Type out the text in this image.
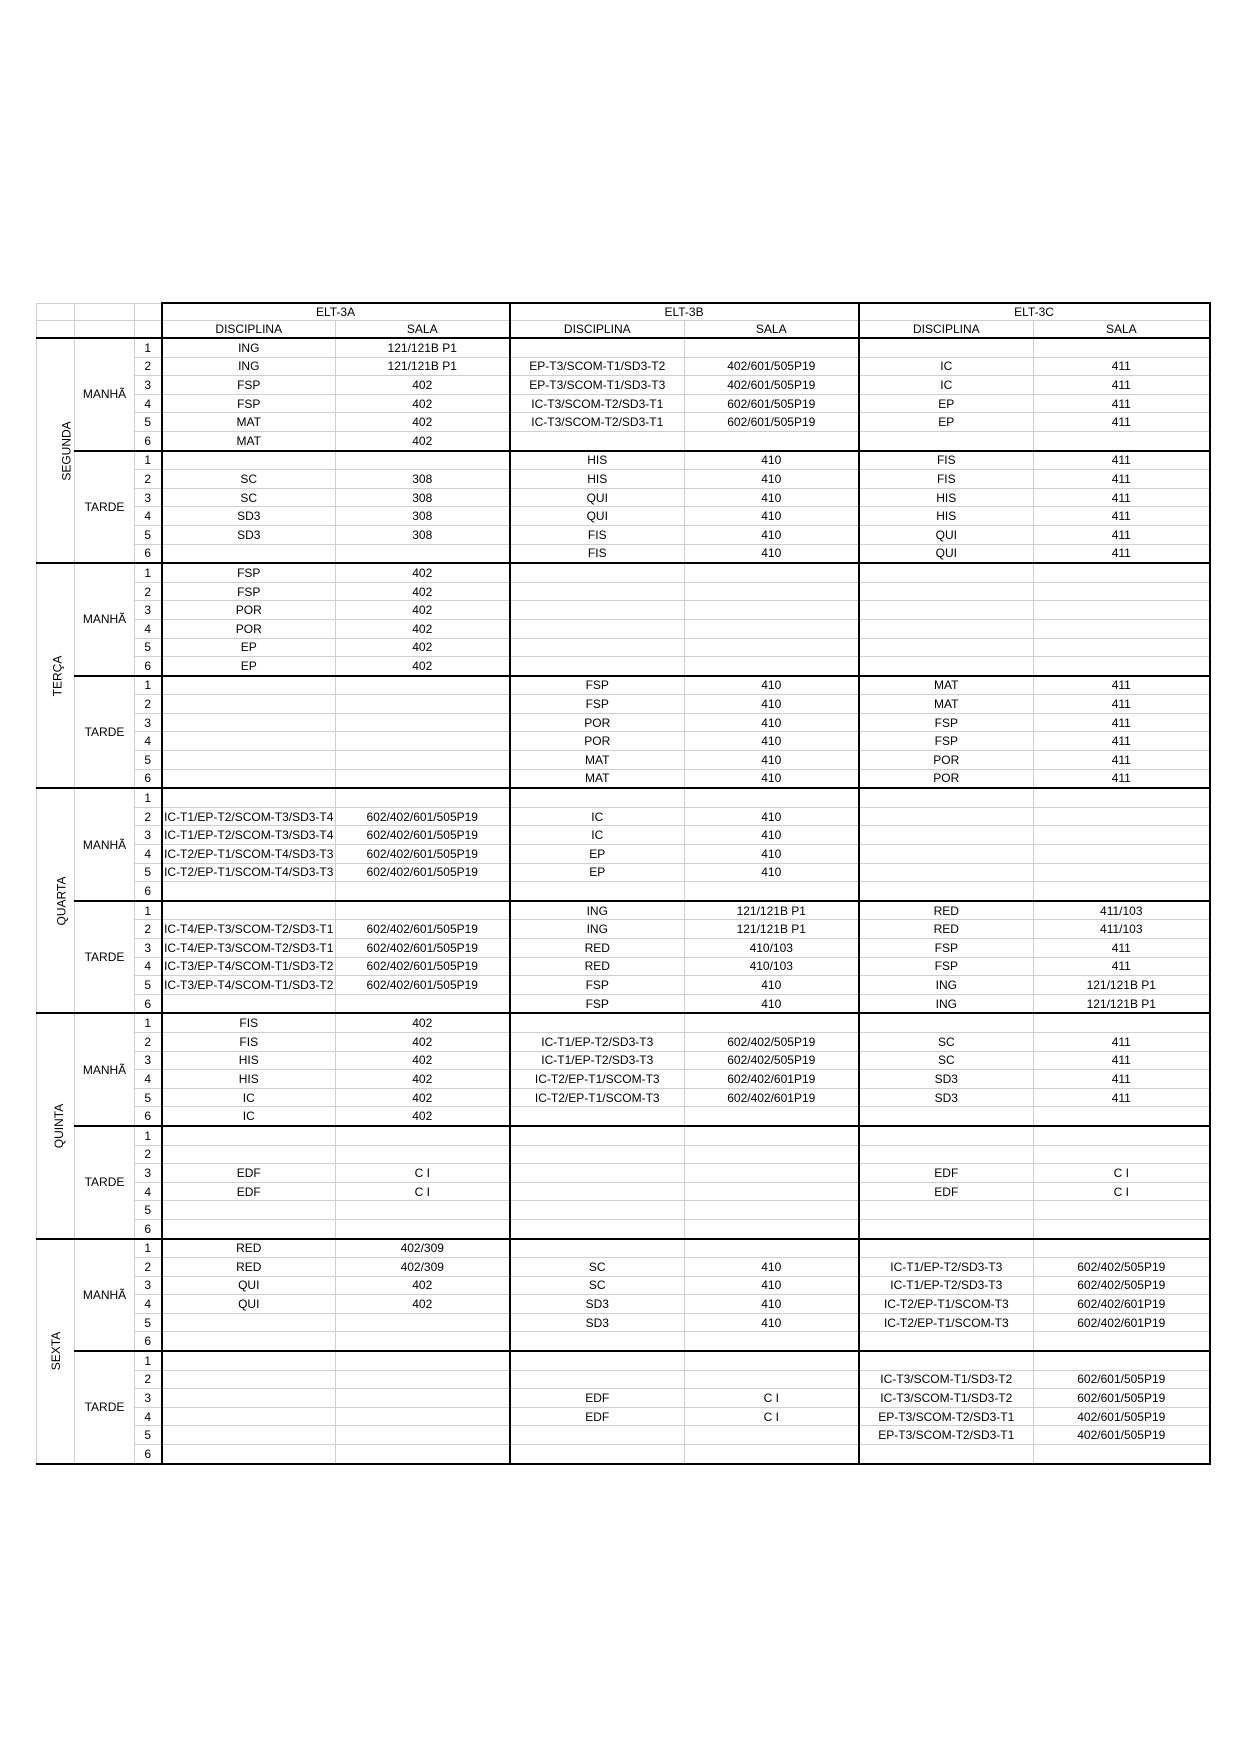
			ELT-3A		ELT-3B		ELT-3C	
			DISCIPLINA	SALA	DISCIPLINA	SALA	DISCIPLINA	SALA
SEGUNDA	MANHÃ	1	ING	121/121B P1				
		2	ING	121/121B P1	EP-T3/SCOM-T1/SD3-T2	402/601/505P19	IC	411
		3	FSP	402	EP-T3/SCOM-T1/SD3-T3	402/601/505P19	IC	411
		4	FSP	402	IC-T3/SCOM-T2/SD3-T1	602/601/505P19	EP	411
		5	MAT	402	IC-T3/SCOM-T2/SD3-T1	602/601/505P19	EP	411
		6	MAT	402				
	TARDE	1			HIS	410	FIS	411
		2	SC	308	HIS	410	FIS	411
		3	SC	308	QUI	410	HIS	411
		4	SD3	308	QUI	410	HIS	411
		5	SD3	308	FIS	410	QUI	411
		6			FIS	410	QUI	411
TERÇA	MANHÃ	1	FSP	402				
		2	FSP	402				
		3	POR	402				
		4	POR	402				
		5	EP	402				
		6	EP	402				
	TARDE	1			FSP	410	MAT	411
		2			FSP	410	MAT	411
		3			POR	410	FSP	411
		4			POR	410	FSP	411
		5			MAT	410	POR	411
		6			MAT	410	POR	411
QUARTA	MANHÃ	1						
		2	IC-T1/EP-T2/SCOM-T3/SD3-T4	602/402/601/505P19	IC	410		
		3	IC-T1/EP-T2/SCOM-T3/SD3-T4	602/402/601/505P19	IC	410		
		4	IC-T2/EP-T1/SCOM-T4/SD3-T3	602/402/601/505P19	EP	410		
		5	IC-T2/EP-T1/SCOM-T4/SD3-T3	602/402/601/505P19	EP	410		
		6						
	TARDE	1			ING	121/121B P1	RED	411/103
		2	IC-T4/EP-T3/SCOM-T2/SD3-T1	602/402/601/505P19	ING	121/121B P1	RED	411/103
		3	IC-T4/EP-T3/SCOM-T2/SD3-T1	602/402/601/505P19	RED	410/103	FSP	411
		4	IC-T3/EP-T4/SCOM-T1/SD3-T2	602/402/601/505P19	RED	410/103	FSP	411
		5	IC-T3/EP-T4/SCOM-T1/SD3-T2	602/402/601/505P19	FSP	410	ING	121/121B P1
		6			FSP	410	ING	121/121B P1
QUINTA	MANHÃ	1	FIS	402				
		2	FIS	402	IC-T1/EP-T2/SD3-T3	602/402/505P19	SC	411
		3	HIS	402	IC-T1/EP-T2/SD3-T3	602/402/505P19	SC	411
		4	HIS	402	IC-T2/EP-T1/SCOM-T3	602/402/601P19	SD3	411
		5	IC	402	IC-T2/EP-T1/SCOM-T3	602/402/601P19	SD3	411
		6	IC	402				
	TARDE	1						
		2						
		3	EDF	C I			EDF	C I
		4	EDF	C I			EDF	C I
		5						
		6						
SEXTA	MANHÃ	1	RED	402/309				
		2	RED	402/309	SC	410	IC-T1/EP-T2/SD3-T3	602/402/505P19
		3	QUI	402	SC	410	IC-T1/EP-T2/SD3-T3	602/402/505P19
		4	QUI	402	SD3	410	IC-T2/EP-T1/SCOM-T3	602/402/601P19
		5			SD3	410	IC-T2/EP-T1/SCOM-T3	602/402/601P19
		6						
	TARDE	1						
		2					IC-T3/SCOM-T1/SD3-T2	602/601/505P19
		3			EDF	C I	IC-T3/SCOM-T1/SD3-T2	602/601/505P19
		4			EDF	C I	EP-T3/SCOM-T2/SD3-T1	402/601/505P19
		5					EP-T3/SCOM-T2/SD3-T1	402/601/505P19
		6						
